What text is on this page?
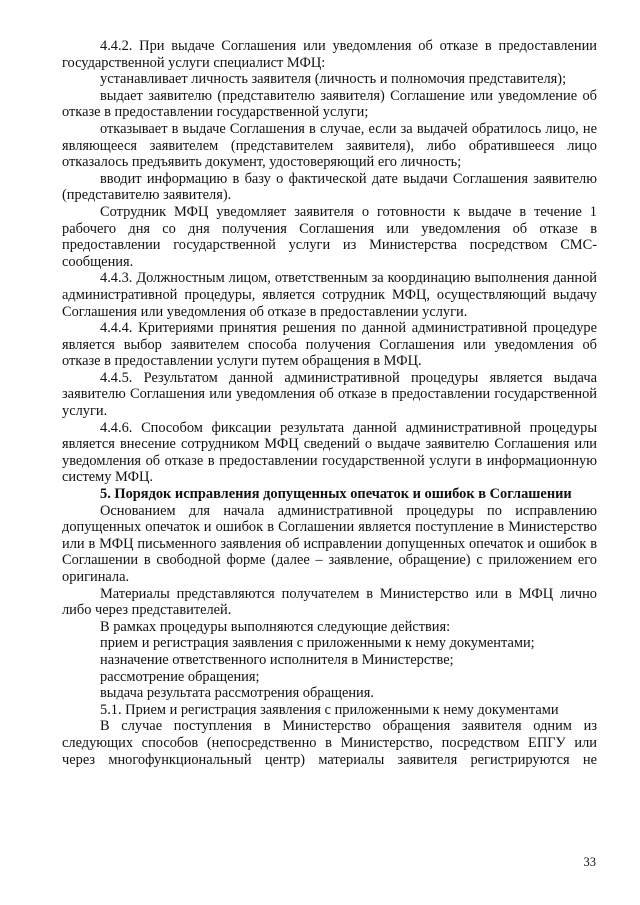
4.4.2. При выдаче Соглашения или уведомления об отказе в предоставлении государственной услуги специалист МФЦ:

устанавливает личность заявителя (личность и полномочия представителя);

выдает заявителю (представителю заявителя) Соглашение или уведомление об отказе в предоставлении государственной услуги;

отказывает в выдаче Соглашения в случае, если за выдачей обратилось лицо, не являющееся заявителем (представителем заявителя), либо обратившееся лицо отказалось предъявить документ, удостоверяющий его личность;

вводит информацию в базу о фактической дате выдачи Соглашения заявителю (представителю заявителя).

Сотрудник МФЦ уведомляет заявителя о готовности к выдаче в течение 1 рабочего дня со дня получения Соглашения или уведомления об отказе в предоставлении государственной услуги из Министерства посредством СМС-сообщения.

4.4.3. Должностным лицом, ответственным за координацию выполнения данной административной процедуры, является сотрудник МФЦ, осуществляющий выдачу Соглашения или уведомления об отказе в предоставлении услуги.

4.4.4. Критериями принятия решения по данной административной процедуре является выбор заявителем способа получения Соглашения или уведомления об отказе в предоставлении услуги путем обращения в МФЦ.

4.4.5. Результатом данной административной процедуры является выдача заявителю Соглашения или уведомления об отказе в предоставлении государственной услуги.

4.4.6. Способом фиксации результата данной административной процедуры является внесение сотрудником МФЦ сведений о выдаче заявителю Соглашения или уведомления об отказе в предоставлении государственной услуги в информационную систему МФЦ.

5. Порядок исправления допущенных опечаток и ошибок в Соглашении

Основанием для начала административной процедуры по исправлению допущенных опечаток и ошибок в Соглашении является поступление в Министерство или в МФЦ письменного заявления об исправлении допущенных опечаток и ошибок в Соглашении в свободной форме (далее – заявление, обращение) с приложением его оригинала.

Материалы представляются получателем в Министерство или в МФЦ лично либо через представителей.

В рамках процедуры выполняются следующие действия:

прием и регистрация заявления с приложенными к нему документами;

назначение ответственного исполнителя в Министерстве;

рассмотрение обращения;

выдача результата рассмотрения обращения.

5.1. Прием и регистрация заявления с приложенными к нему документами

В случае поступления в Министерство обращения заявителя одним из следующих способов (непосредственно в Министерство, посредством ЕПГУ или через многофункциональный центр) материалы заявителя регистрируются не

33
